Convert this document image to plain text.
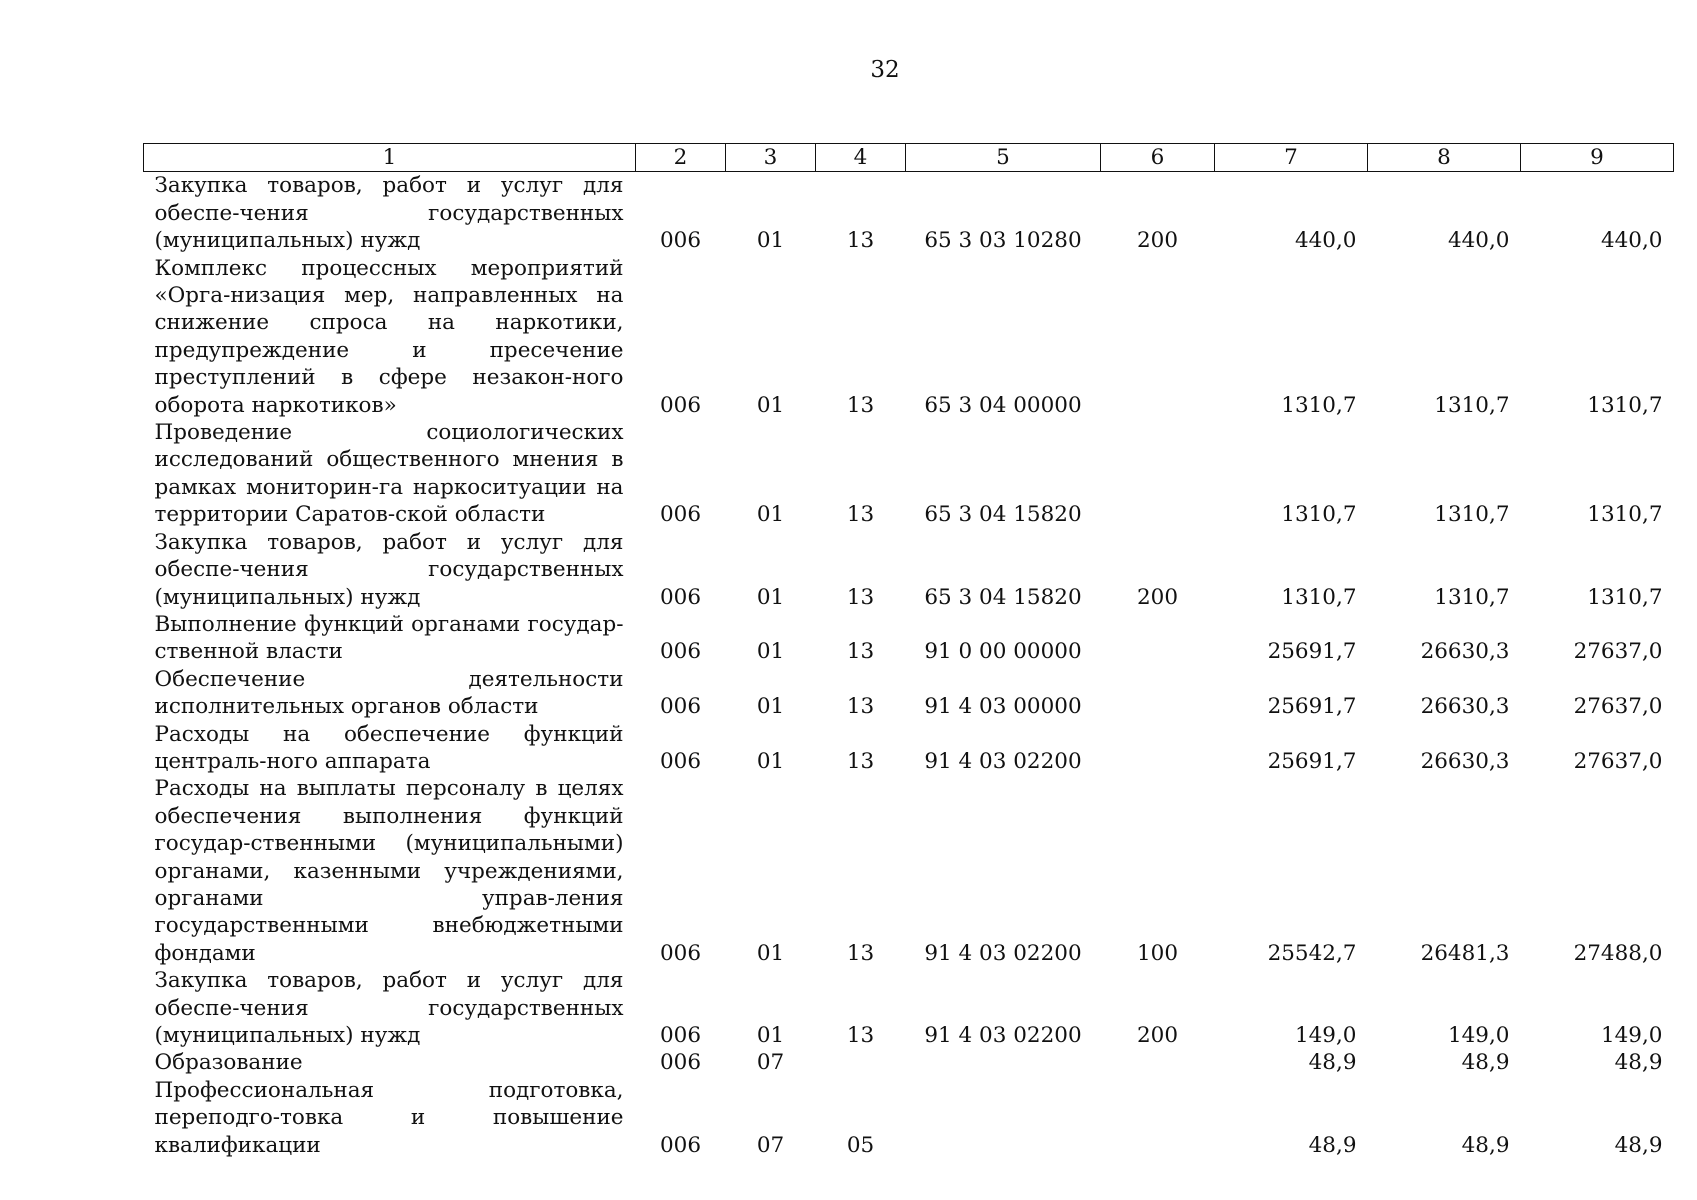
32
1	2	3	4	5	6	7	8	9
Закупка товаров, работ и услуг для обеспе-чения государственных (муниципальных) нужд	006	01	13	65 3 03 10280	200	440,0	440,0	440,0
Комплекс процессных мероприятий «Орга-низация мер, направленных на снижение спроса на наркотики, предупреждение и пресечение преступлений в сфере незакон-ного оборота наркотиков»	006	01	13	65 3 04 00000		1310,7	1310,7	1310,7
Проведение социологических исследований общественного мнения в рамках мониторин-га наркоситуации на территории Саратов-ской области	006	01	13	65 3 04 15820		1310,7	1310,7	1310,7
Закупка товаров, работ и услуг для обеспе-чения государственных (муниципальных) нужд	006	01	13	65 3 04 15820	200	1310,7	1310,7	1310,7
Выполнение функций органами государ-ственной власти	006	01	13	91 0 00 00000		25691,7	26630,3	27637,0
Обеспечение деятельности исполнительных органов области	006	01	13	91 4 03 00000		25691,7	26630,3	27637,0
Расходы на обеспечение функций централь-ного аппарата	006	01	13	91 4 03 02200		25691,7	26630,3	27637,0
Расходы на выплаты персоналу в целях обеспечения выполнения функций государ-ственными (муниципальными) органами, казенными учреждениями, органами управ-ления государственными внебюджетными фондами	006	01	13	91 4 03 02200	100	25542,7	26481,3	27488,0
Закупка товаров, работ и услуг для обеспе-чения государственных (муниципальных) нужд	006	01	13	91 4 03 02200	200	149,0	149,0	149,0
Образование	006	07				48,9	48,9	48,9
Профессиональная подготовка, переподго-товка и повышение квалификации	006	07	05			48,9	48,9	48,9
